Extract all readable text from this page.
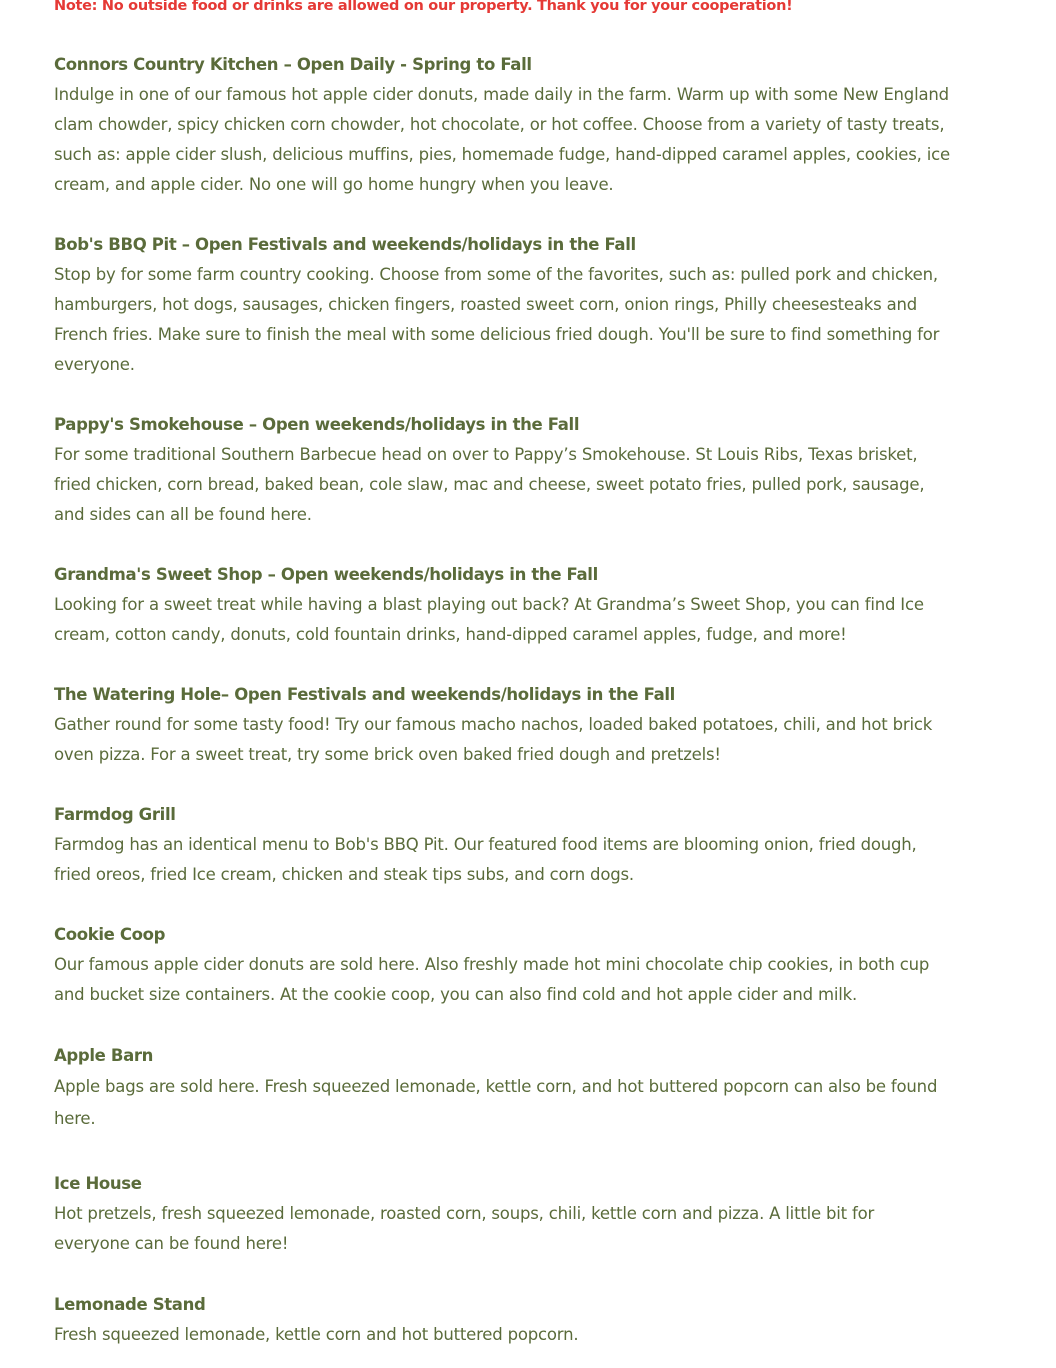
Note: No outside food or drinks are allowed on our property. Thank you for your cooperation!

Connors Country Kitchen – Open Daily - Spring to Fall

Indulge in one of our famous hot apple cider donuts, made daily in the farm. Warm up with some New England clam chowder, spicy chicken corn chowder, hot chocolate, or hot coffee. Choose from a variety of tasty treats, such as: apple cider slush, delicious muffins, pies, homemade fudge, hand-dipped caramel apples, cookies, ice cream, and apple cider. No one will go home hungry when you leave.

Bob's BBQ Pit – Open Festivals and weekends/holidays in the Fall

Stop by for some farm country cooking. Choose from some of the favorites, such as: pulled pork and chicken, hamburgers, hot dogs, sausages, chicken fingers, roasted sweet corn, onion rings, Philly cheesesteaks and French fries. Make sure to finish the meal with some delicious fried dough. You'll be sure to find something for everyone.

Pappy's Smokehouse – Open weekends/holidays in the Fall

For some traditional Southern Barbecue head on over to Pappy’s Smokehouse. St Louis Ribs, Texas brisket, fried chicken, corn bread, baked bean, cole slaw, mac and cheese, sweet potato fries, pulled pork, sausage, and sides can all be found here.

Grandma's Sweet Shop – Open weekends/holidays in the Fall

Looking for a sweet treat while having a blast playing out back? At Grandma’s Sweet Shop, you can find Ice cream, cotton candy, donuts, cold fountain drinks, hand-dipped caramel apples, fudge, and more!

The Watering Hole– Open Festivals and weekends/holidays in the Fall

Gather round for some tasty food! Try our famous macho nachos, loaded baked potatoes, chili, and hot brick oven pizza. For a sweet treat, try some brick oven baked fried dough and pretzels!

Farmdog Grill

Farmdog has an identical menu to Bob's BBQ Pit. Our featured food items are blooming onion, fried dough, fried oreos, fried Ice cream, chicken and steak tips subs, and corn dogs.

Cookie Coop

Our famous apple cider donuts are sold here. Also freshly made hot mini chocolate chip cookies, in both cup and bucket size containers. At the cookie coop, you can also find cold and hot apple cider and milk.

Apple Barn

Apple bags are sold here. Fresh squeezed lemonade, kettle corn, and hot buttered popcorn can also be found here.

Ice House

Hot pretzels, fresh squeezed lemonade, roasted corn, soups, chili, kettle corn and pizza. A little bit for everyone can be found here!

Lemonade Stand

Fresh squeezed lemonade, kettle corn and hot buttered popcorn.
